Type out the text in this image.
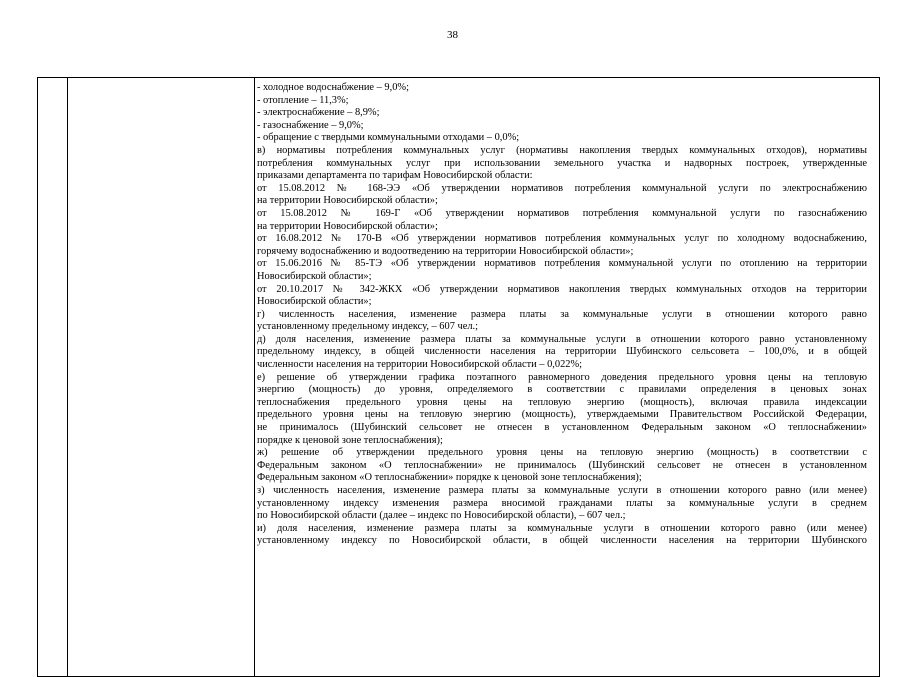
38
- холодное водоснабжение – 9,0%;
- отопление – 11,3%;
- электроснабжение – 8,9%;
- газоснабжение – 9,0%;
- обращение с твердыми коммунальными отходами – 0,0%;
в) нормативы потребления коммунальных услуг (нормативы накопления твердых коммунальных отходов), нормативы
потребления коммунальных услуг при использовании земельного участка и надворных построек, утвержденные
приказами департамента по тарифам Новосибирской области:
от 15.08.2012 № 168-ЭЭ «Об утверждении нормативов потребления коммунальной услуги по электроснабжению
на территории Новосибирской области»;
от 15.08.2012 № 169-Г «Об утверждении нормативов потребления коммунальной услуги по газоснабжению
на территории Новосибирской области»;
от 16.08.2012 № 170-В «Об утверждении нормативов потребления коммунальных услуг по холодному водоснабжению,
горячему водоснабжению и водоотведению на территории Новосибирской области»;
от 15.06.2016 № 85-ТЭ «Об утверждении нормативов потребления коммунальной услуги по отоплению на территории
Новосибирской области»;
от 20.10.2017 № 342-ЖКХ «Об утверждении нормативов накопления твердых коммунальных отходов на территории
Новосибирской области»;
г) численность населения, изменение размера платы за коммунальные услуги в отношении которого равно
установленному предельному индексу, – 607 чел.;
д) доля населения, изменение размера платы за коммунальные услуги в отношении которого равно установленному
предельному индексу, в общей численности населения на территории Шубинского сельсовета – 100,0%, и в общей
численности населения на территории Новосибирской области – 0,022%;
е) решение об утверждении графика поэтапного равномерного доведения предельного уровня цены на тепловую
энергию (мощность) до уровня, определяемого в соответствии с правилами определения в ценовых зонах
теплоснабжения предельного уровня цены на тепловую энергию (мощность), включая правила индексации
предельного уровня цены на тепловую энергию (мощность), утверждаемыми Правительством Российской Федерации,
не принималось (Шубинский сельсовет не отнесен в установленном Федеральным законом «О теплоснабжении»
порядке к ценовой зоне теплоснабжения);
ж) решение об утверждении предельного уровня цены на тепловую энергию (мощность) в соответствии с
Федеральным законом «О теплоснабжении» не принималось (Шубинский сельсовет не отнесен в установленном
Федеральным законом «О теплоснабжении» порядке к ценовой зоне теплоснабжения);
з) численность населения, изменение размера платы за коммунальные услуги в отношении которого равно (или менее)
установленному индексу изменения размера вносимой гражданами платы за коммунальные услуги в среднем
по Новосибирской области (далее – индекс по Новосибирской области), – 607 чел.;
и) доля населения, изменение размера платы за коммунальные услуги в отношении которого равно (или менее)
установленному индексу по Новосибирской области, в общей численности населения на территории Шубинского
